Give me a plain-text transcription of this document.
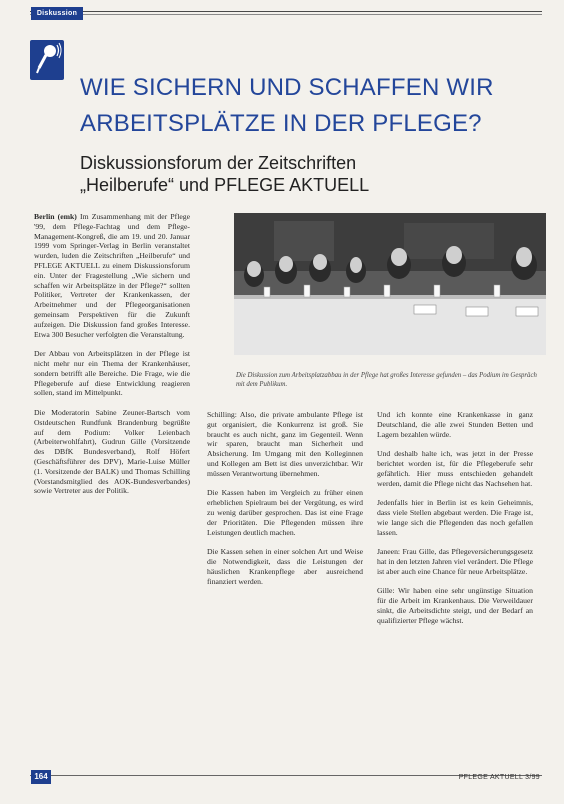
Diskussion
WIE SICHERN UND SCHAFFEN WIR
ARBEITSPLÄTZE IN DER PFLEGE?
Diskussionsforum der Zeitschriften
„Heilberufe“ und PFLEGE AKTUELL

Berlin (emk) Im Zusammenhang mit der Pflege '99, dem Pflege-Fachtag und dem Pflege-Management-Kongreß, die am 19. und 20. Januar 1999 vom Springer-Verlag in Berlin veranstaltet wurden, luden die Zeitschriften „Heilberufe“ und PFLEGE AKTUELL zu einem Diskussionsforum ein. Unter der Fragestellung „Wie sichern und schaffen wir Arbeitsplätze in der Pflege?“ sollten Politiker, Vertreter der Krankenkassen, der Arbeitnehmer und der Pflegeorganisationen gemeinsam Perspektiven für die Zukunft aufzeigen. Die Diskussion fand großes Interesse. Etwa 300 Besucher verfolgten die Veranstaltung.

Der Abbau von Arbeitsplätzen in der Pflege ist nicht mehr nur ein Thema der Krankenhäuser, sondern betrifft alle Bereiche. Die Frage, wie die Pflegeberufe auf diese Entwicklung reagieren sollen, stand im Mittelpunkt.

Die Moderatorin Sabine Zeuner-Bartsch vom Ostdeutschen Rundfunk Brandenburg begrüßte auf dem Podium: Volker Leienbach (Arbeiterwohlfahrt), Gudrun Gille (Vorsitzende des DBfK Bundesverband), Rolf Höfert (Geschäftsführer des DPV), Marie-Luise Müller (1. Vorsitzende der BALK) und Thomas Schilling (Vorstandsmitglied des AOK-Bundesverbandes) sowie Vertreter aus der Politik.

Die Diskussion zum Arbeitsplatzabbau in der Pflege hat großes Interesse gefunden – das Podium im Gespräch mit dem Publikum.

Schilling: Also, die private ambulante Pflege ist gut organisiert, die Konkurrenz ist groß. Sie braucht es auch nicht, ganz im Gegenteil. Wenn wir sparen, braucht man Sicherheit und Absicherung. Im Umgang mit den Kolleginnen und Kollegen am Bett ist dies unverzichtbar. Wir müssen Verantwortung übernehmen.

Die Kassen haben im Vergleich zu früher einen erheblichen Spielraum bei der Vergütung, es wird zu wenig darüber gesprochen. Das ist eine Frage der Prioritäten. Die Pflegenden müssen ihre Leistungen deutlich machen.

Die Kassen sehen in einer solchen Art und Weise die Notwendigkeit, dass die Leistungen der häuslichen Krankenpflege aber ausreichend finanziert werden.

Und ich konnte eine Krankenkasse in ganz Deutschland, die alle zwei Stunden Betten und Lagern bezahlen würde.

Und deshalb halte ich, was jetzt in der Presse berichtet worden ist, für die Pflegeberufe sehr gefährlich. Hier muss entschieden gehandelt werden, damit die Pflege nicht das Nachsehen hat.

Jedenfalls hier in Berlin ist es kein Geheimnis, dass viele Stellen abgebaut werden. Die Frage ist, wie lange sich die Pflegenden das noch gefallen lassen.

Janeen: Frau Gille, das Pflegeversicherungsgesetz hat in den letzten Jahren viel verändert. Die Pflege ist aber auch eine Chance für neue Arbeitsplätze.

Gille: Wir haben eine sehr ungünstige Situation für die Arbeit im Krankenhaus. Die Verweildauer sinkt, die Arbeitsdichte steigt, und der Bedarf an qualifizierter Pflege wächst.

164	PFLEGE AKTUELL 3/99
